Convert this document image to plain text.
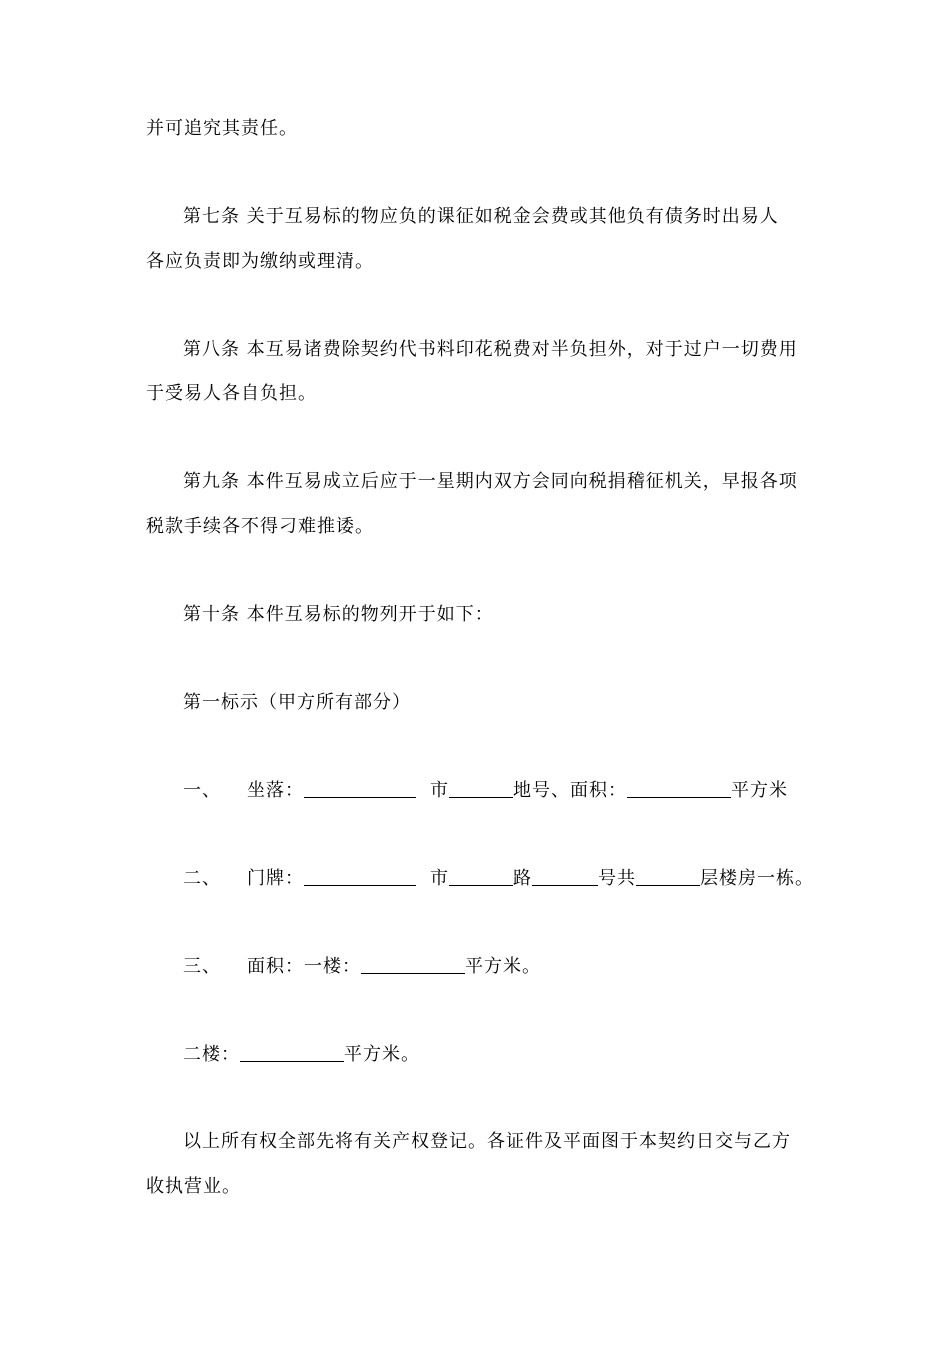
并可追究其责任。
第七条 关于互易标的物应负的课征如税金会费或其他负有债务时出易人
各应负责即为缴纳或理清。
第八条 本互易诸费除契约代书料印花税费对半负担外，对于过户一切费用
于受易人各自负担。
第九条 本件互易成立后应于一星期内双方会同向税捐稽征机关，早报各项
税款手续各不得刁难推诿。
第十条 本件互易标的物列开于如下：
第一标示（甲方所有部分）
一、 坐落：	市	地号、面积：	平方米
二、 门牌：	市	路	号共	层楼房一栋。
三、 面积：一楼：	平方米。
二楼：	平方米。
以上所有权全部先将有关产权登记。各证件及平面图于本契约日交与乙方
收执营业。
